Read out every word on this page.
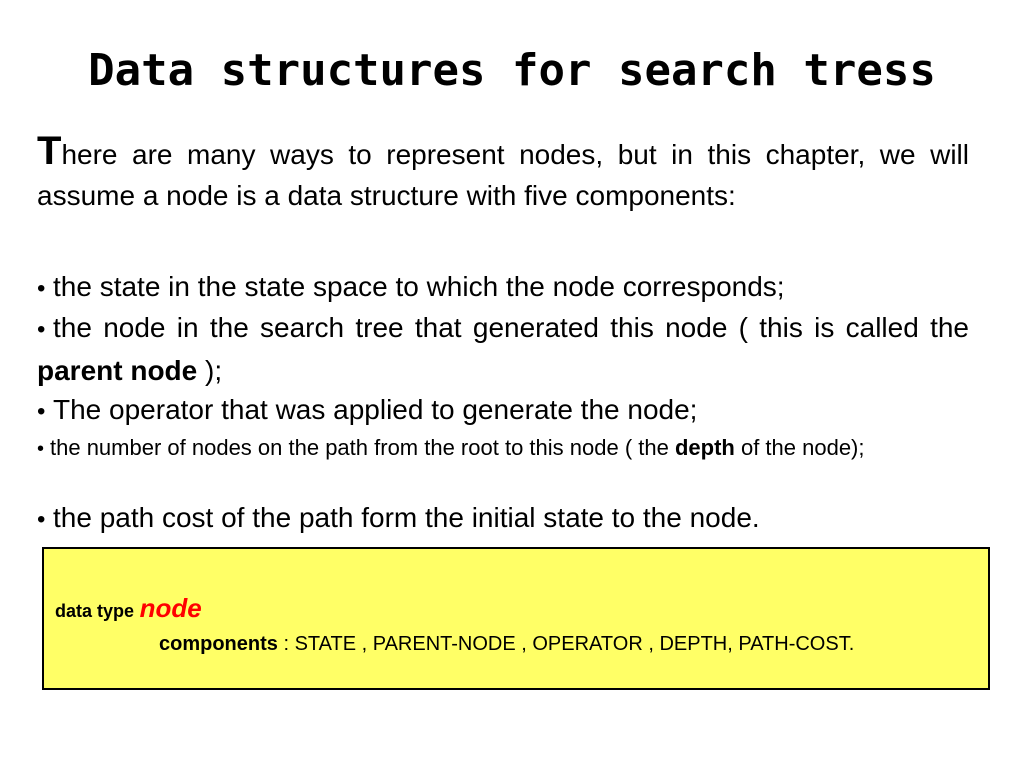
Data structures for search tress
There are many ways to represent nodes, but in this chapter, we will assume a node is a data structure with five components:
• the state in the state space to which the node corresponds;
• the node in the search tree that generated this node ( this is called the parent node );
• The operator that was applied to generate the node;
• the number of nodes on the path from the root to this node ( the depth of the node);
• the path cost of the path form the initial state to the node.
data type node
components : STATE , PARENT-NODE , OPERATOR , DEPTH, PATH-COST.
